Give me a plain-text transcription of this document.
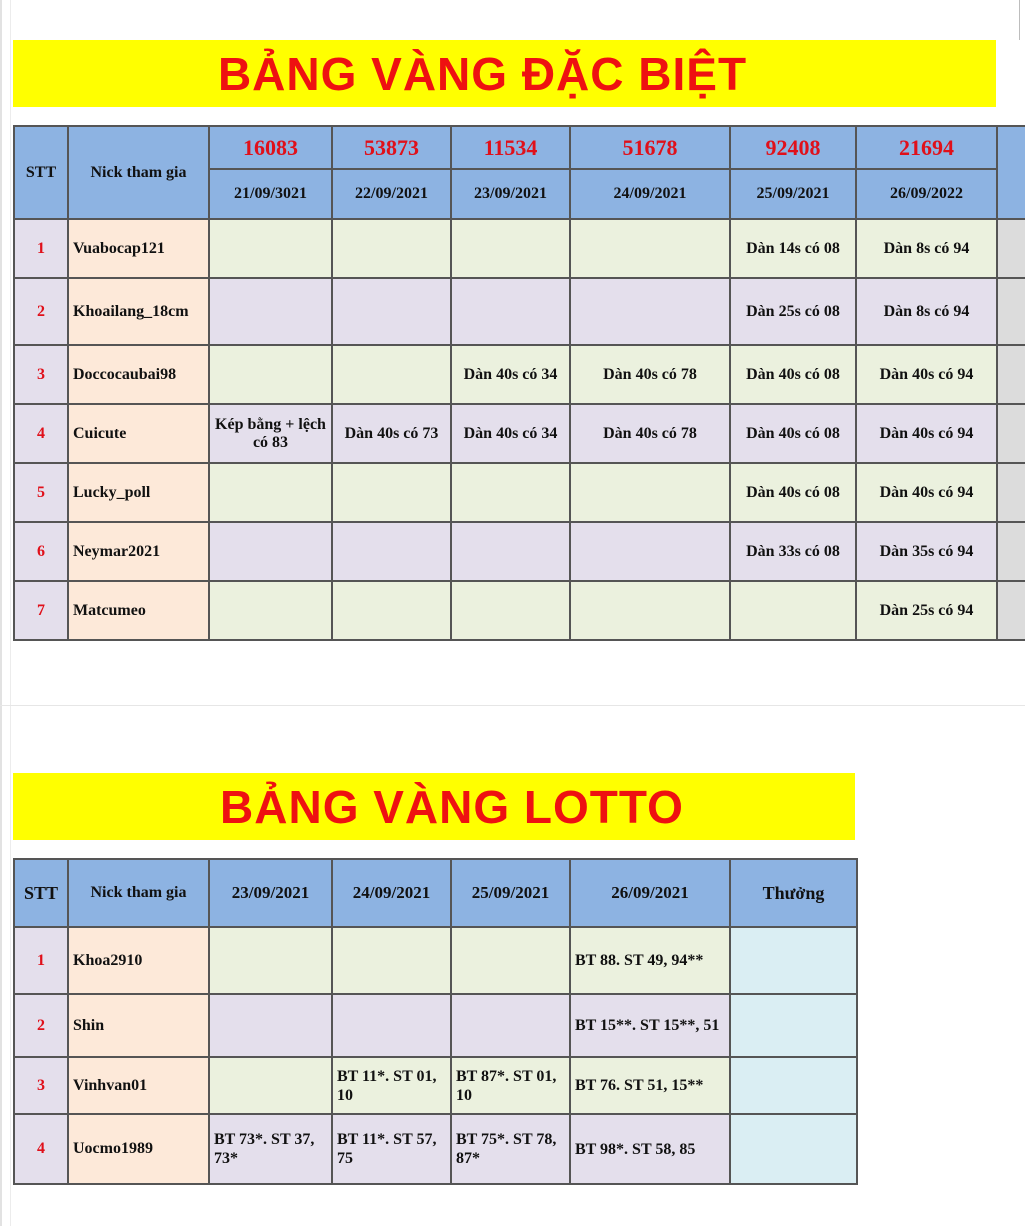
BẢNG VÀNG ĐẶC BIỆT
STT	Nick tham gia	16083	53873	11534	51678	92408	21694	
		21/09/3021	22/09/2021	23/09/2021	24/09/2021	25/09/2021	26/09/2022	
1	Vuabocap121					Dàn 14s có 08	Dàn 8s có 94	
2	Khoailang_18cm					Dàn 25s có 08	Dàn 8s có 94	
3	Doccocaubai98			Dàn 40s có 34	Dàn 40s có 78	Dàn 40s có 08	Dàn 40s có 94	
4	Cuicute	Kép bằng + lệch có 83	Dàn 40s có 73	Dàn 40s có 34	Dàn 40s có 78	Dàn 40s có 08	Dàn 40s có 94	
5	Lucky_poll					Dàn 40s có 08	Dàn 40s có 94	
6	Neymar2021					Dàn 33s có 08	Dàn 35s có 94	
7	Matcumeo						Dàn 25s có 94	
BẢNG VÀNG LOTTO
STT	Nick tham gia	23/09/2021	24/09/2021	25/09/2021	26/09/2021	Thưởng
1	Khoa2910				BT 88. ST 49, 94**	
2	Shin				BT 15**. ST 15**, 51	
3	Vinhvan01		BT 11*. ST 01, 10	BT 87*. ST 01, 10	BT 76. ST 51, 15**	
4	Uocmo1989	BT 73*. ST 37, 73*	BT 11*. ST 57, 75	BT 75*. ST 78, 87*	BT 98*. ST 58, 85	
